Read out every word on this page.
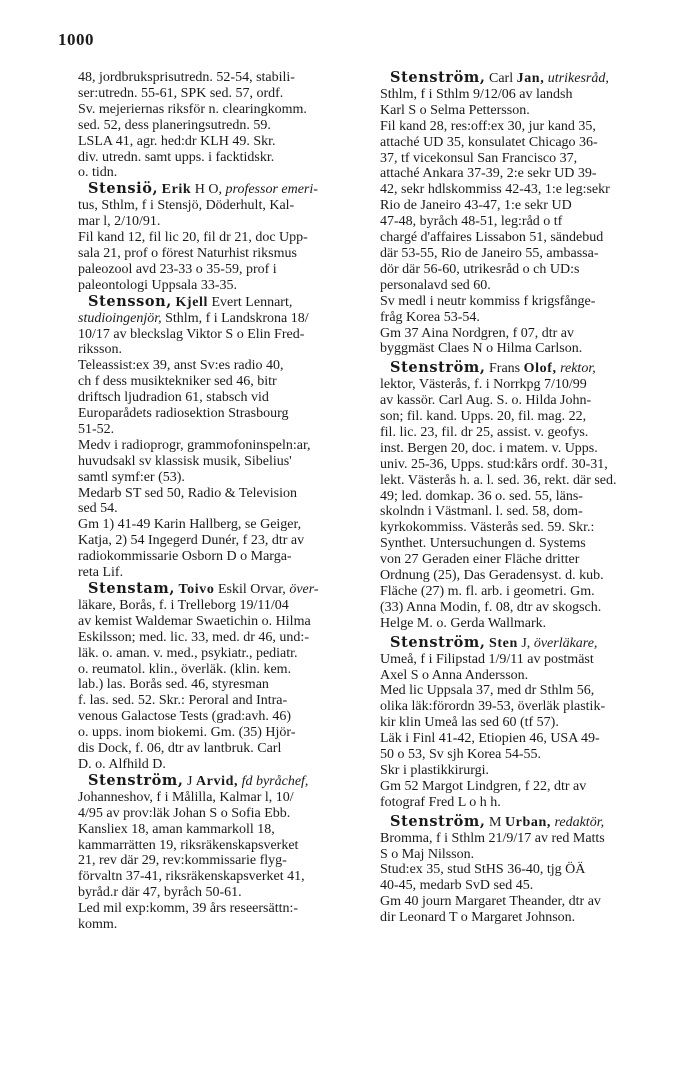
1000
48, jordbruksprisutredn. 52-54, stabili-
ser:utredn. 55-61, SPK sed. 57, ordf.
Sv. mejeriernas riksför n. clearingkomm.
sed. 52, dess planeringsutredn. 59.
LSLA 41, agr. hed:dr KLH 49. Skr.
div. utredn. samt upps. i facktidskr.
o. tidn.
Stensiö, Erik H O, professor emeri-
tus, Sthlm, f i Stensjö, Döderhult, Kal-
mar l, 2/10/91.
Fil kand 12, fil lic 20, fil dr 21, doc Upp-
sala 21, prof o förest Naturhist riksmus
paleozool avd 23-33 o 35-59, prof i
paleontologi Uppsala 33-35.
Stensson, Kjell Evert Lennart,
studioingenjör, Sthlm, f i Landskrona 18/
10/17 av bleckslag Viktor S o Elin Fred-
riksson.
Teleassist:ex 39, anst Sv:es radio 40,
ch f dess musiktekniker sed 46, bitr
driftsch ljudradion 61, stabsch vid
Europarådets radiosektion Strasbourg
51-52.
Medv i radioprogr, grammofoninspeln:ar,
huvudsakl sv klassisk musik, Sibelius'
samtl symf:er (53).
Medarb ST sed 50, Radio & Television
sed 54.
Gm 1) 41-49 Karin Hallberg, se Geiger,
Katja, 2) 54 Ingegerd Dunér, f 23, dtr av
radiokommissarie Osborn D o Marga-
reta Lif.
Stenstam, Toivo Eskil Orvar, över-
läkare, Borås, f. i Trelleborg 19/11/04
av kemist Waldemar Swaetichin o. Hilma
Eskilsson; med. lic. 33, med. dr 46, und:-
läk. o. aman. v. med., psykiatr., pediatr.
o. reumatol. klin., överläk. (klin. kem.
lab.) las. Borås sed. 46, styresman
f. las. sed. 52. Skr.: Peroral and Intra-
venous Galactose Tests (grad:avh. 46)
o. upps. inom biokemi. Gm. (35) Hjör-
dis Dock, f. 06, dtr av lantbruk. Carl
D. o. Alfhild D.
Stenström, J Arvid, fd byråchef,
Johanneshov, f i Målilla, Kalmar l, 10/
4/95 av prov:läk Johan S o Sofia Ebb.
Kansliex 18, aman kammarkoll 18,
kammarrätten 19, riksräkenskapsverket
21, rev där 29, rev:kommissarie flyg-
förvaltn 37-41, riksräkenskapsverket 41,
byråd.r där 47, byråch 50-61.
Led mil exp:komm, 39 års reseersättn:-
komm.
Stenström, Carl Jan, utrikesråd,
Sthlm, f i Sthlm 9/12/06 av landsh
Karl S o Selma Pettersson.
Fil kand 28, res:off:ex 30, jur kand 35,
attaché UD 35, konsulatet Chicago 36-
37, tf vicekonsul San Francisco 37,
attaché Ankara 37-39, 2:e sekr UD 39-
42, sekr hdlskommiss 42-43, 1:e leg:sekr
Rio de Janeiro 43-47, 1:e sekr UD
47-48, byråch 48-51, leg:råd o tf
chargé d'affaires Lissabon 51, sändebud
där 53-55, Rio de Janeiro 55, ambassa-
dör där 56-60, utrikesråd o ch UD:s
personalavd sed 60.
Sv medl i neutr kommiss f krigsfånge-
fråg Korea 53-54.
Gm 37 Aina Nordgren, f 07, dtr av
byggmäst Claes N o Hilma Carlson.
Stenström, Frans Olof, rektor,
lektor, Västerås, f. i Norrkpg 7/10/99
av kassör. Carl Aug. S. o. Hilda John-
son; fil. kand. Upps. 20, fil. mag. 22,
fil. lic. 23, fil. dr 25, assist. v. geofys.
inst. Bergen 20, doc. i matem. v. Upps.
univ. 25-36, Upps. stud:kårs ordf. 30-31,
lekt. Västerås h. a. l. sed. 36, rekt. där sed.
49; led. domkap. 36 o. sed. 55, läns-
skolndn i Västmanl. l. sed. 58, dom-
kyrkokommiss. Västerås sed. 59. Skr.:
Synthet. Untersuchungen d. Systems
von 27 Geraden einer Fläche dritter
Ordnung (25), Das Geradensyst. d. kub.
Fläche (27) m. fl. arb. i geometri. Gm.
(33) Anna Modin, f. 08, dtr av skogsch.
Helge M. o. Gerda Wallmark.
Stenström, Sten J, överläkare,
Umeå, f i Filipstad 1/9/11 av postmäst
Axel S o Anna Andersson.
Med lic Uppsala 37, med dr Sthlm 56,
olika läk:förordn 39-53, överläk plastik-
kir klin Umeå las sed 60 (tf 57).
Läk i Finl 41-42, Etiopien 46, USA 49-
50 o 53, Sv sjh Korea 54-55.
Skr i plastikkirurgi.
Gm 52 Margot Lindgren, f 22, dtr av
fotograf Fred L o h h.
Stenström, M Urban, redaktör,
Bromma, f i Sthlm 21/9/17 av red Matts
S o Maj Nilsson.
Stud:ex 35, stud StHS 36-40, tjg ÖÄ
40-45, medarb SvD sed 45.
Gm 40 journ Margaret Theander, dtr av
dir Leonard T o Margaret Johnson.
